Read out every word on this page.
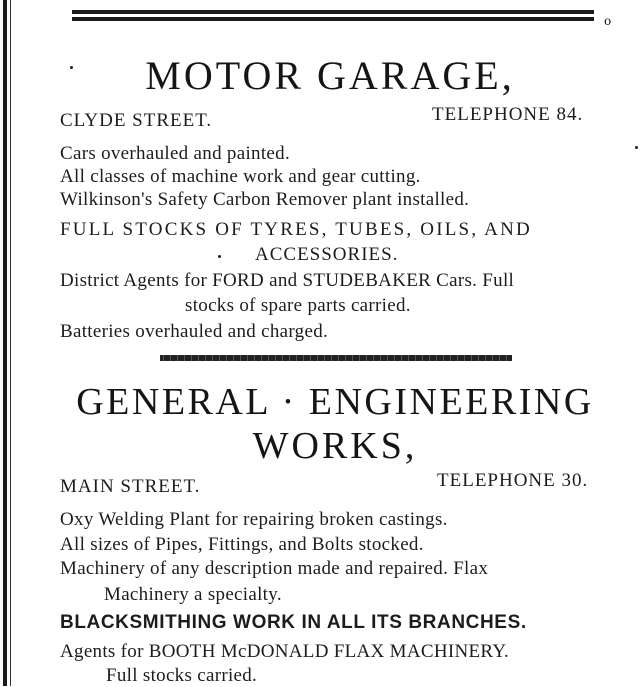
o
MOTOR GARAGE,
CLYDE STREET.	TELEPHONE 84.
Cars overhauled and painted.
All classes of machine work and gear cutting.
Wilkinson's Safety Carbon Remover plant installed.
FULL STOCKS OF TYRES, TUBES, OILS, AND
ACCESSORIES.
District Agents for FORD and STUDEBAKER Cars. Full
stocks of spare parts carried.
Batteries overhauled and charged.
GENERAL · ENGINEERING
WORKS,
MAIN STREET.	TELEPHONE 30.
Oxy Welding Plant for repairing broken castings.
All sizes of Pipes, Fittings, and Bolts stocked.
Machinery of any description made and repaired. Flax
Machinery a specialty.
BLACKSMITHING WORK IN ALL ITS BRANCHES.
Agents for BOOTH McDONALD FLAX MACHINERY.
Full stocks carried.
